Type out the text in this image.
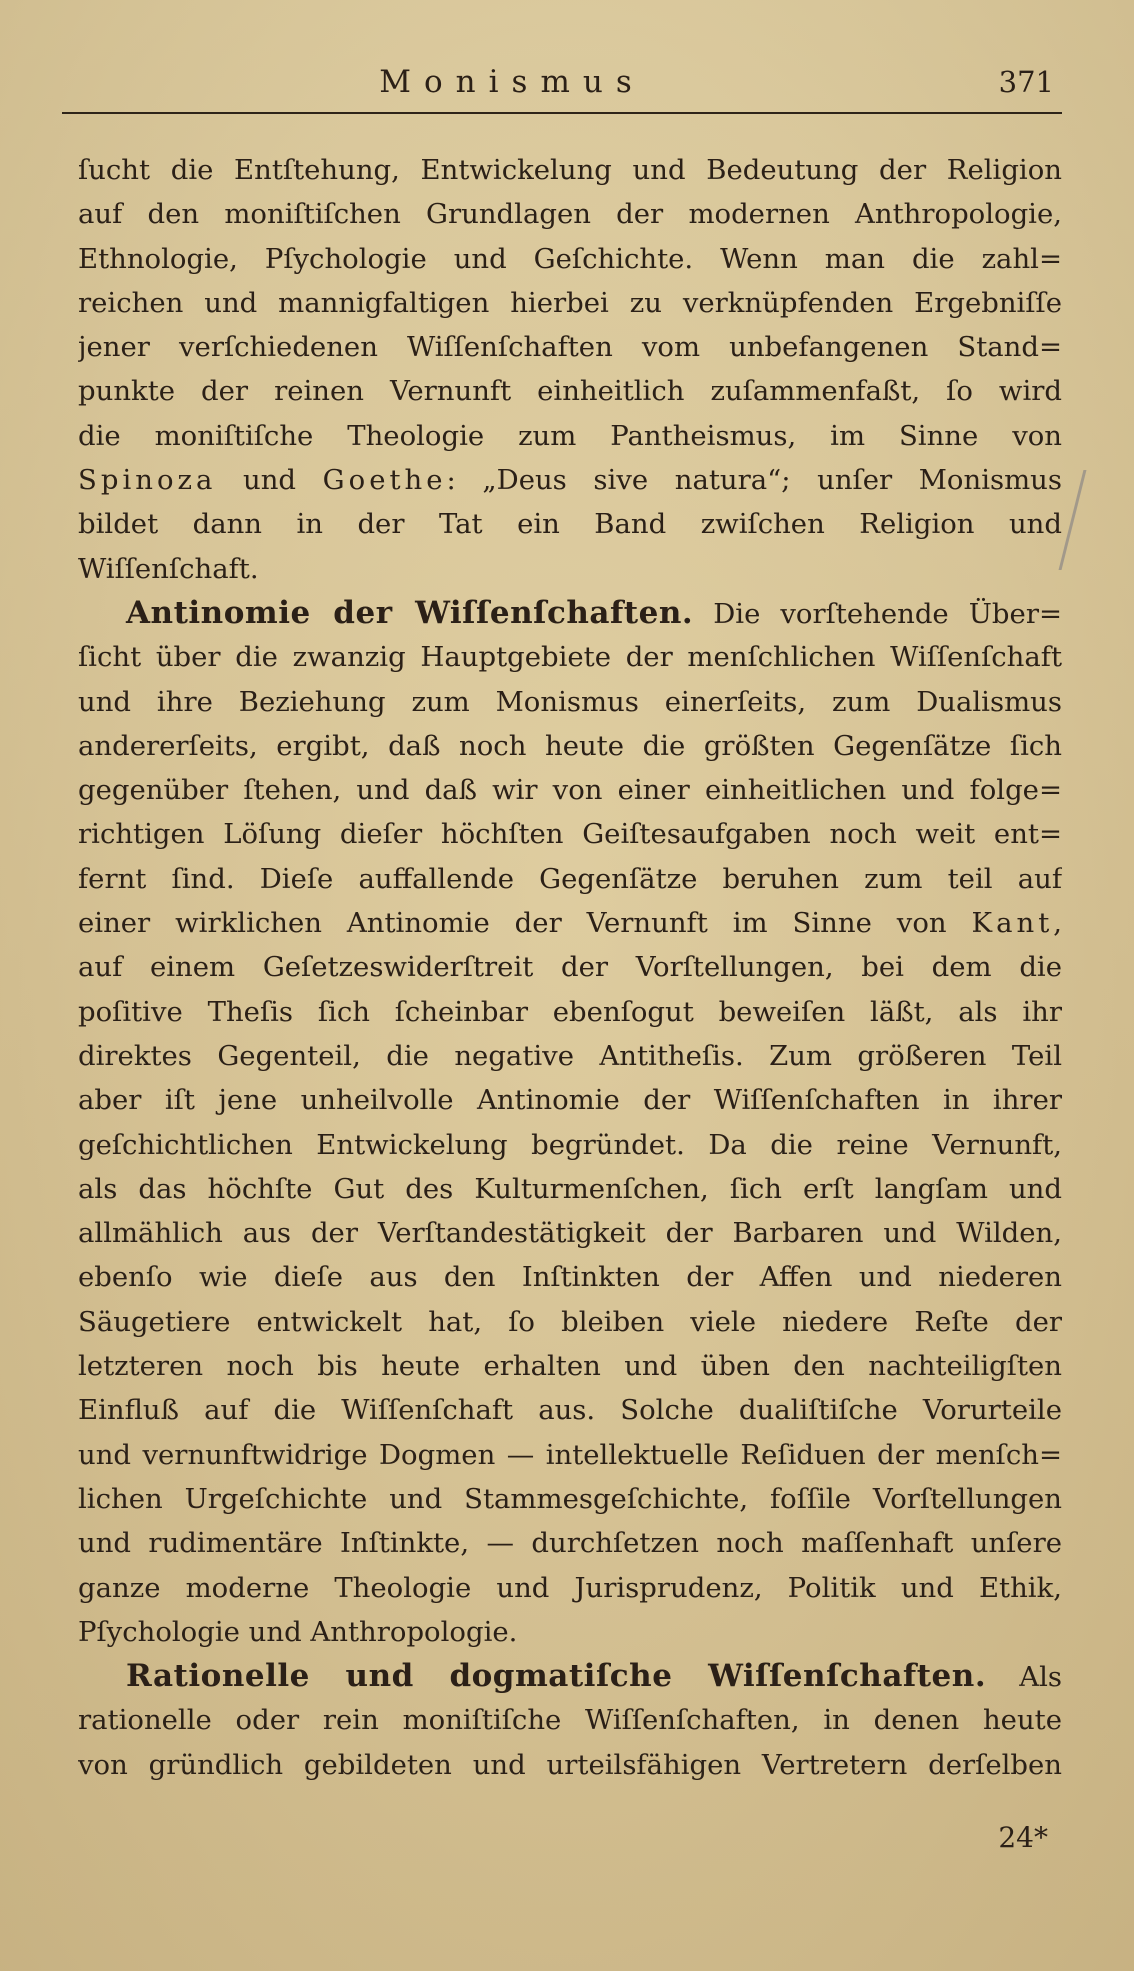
Monismus	371
ſucht die Entſtehung, Entwickelung und Bedeutung der Religion
auf den moniſtiſchen Grundlagen der modernen Anthropologie,
Ethnologie, Pſychologie und Geſchichte. Wenn man die zahl=
reichen und mannigfaltigen hierbei zu verknüpfenden Ergebniſſe
jener verſchiedenen Wiſſenſchaften vom unbefangenen Stand=
punkte der reinen Vernunft einheitlich zuſammenfaßt, ſo wird
die moniſtiſche Theologie zum Pantheismus, im Sinne von
Spinoza und Goethe: „Deus sive natura“; unſer Monismus
bildet dann in der Tat ein Band zwiſchen Religion und
Wiſſenſchaft.
Antinomie der Wiſſenſchaften. Die vorſtehende Über=
ſicht über die zwanzig Hauptgebiete der menſchlichen Wiſſenſchaft
und ihre Beziehung zum Monismus einerſeits, zum Dualismus
andererſeits, ergibt, daß noch heute die größten Gegenſätze ſich
gegenüber ſtehen, und daß wir von einer einheitlichen und folge=
richtigen Löſung dieſer höchſten Geiſtesaufgaben noch weit ent=
fernt ſind. Dieſe auffallende Gegenſätze beruhen zum teil auf
einer wirklichen Antinomie der Vernunft im Sinne von Kant,
auf einem Geſetzeswiderſtreit der Vorſtellungen, bei dem die
poſitive Theſis ſich ſcheinbar ebenſogut beweiſen läßt, als ihr
direktes Gegenteil, die negative Antitheſis. Zum größeren Teil
aber iſt jene unheilvolle Antinomie der Wiſſenſchaften in ihrer
geſchichtlichen Entwickelung begründet. Da die reine Vernunft,
als das höchſte Gut des Kulturmenſchen, ſich erſt langſam und
allmählich aus der Verſtandestätigkeit der Barbaren und Wilden,
ebenſo wie dieſe aus den Inſtinkten der Affen und niederen
Säugetiere entwickelt hat, ſo bleiben viele niedere Reſte der
letzteren noch bis heute erhalten und üben den nachteiligſten
Einfluß auf die Wiſſenſchaft aus. Solche dualiſtiſche Vorurteile
und vernunftwidrige Dogmen — intellektuelle Reſiduen der menſch=
lichen Urgeſchichte und Stammesgeſchichte, foſſile Vorſtellungen
und rudimentäre Inſtinkte, — durchſetzen noch maſſenhaft unſere
ganze moderne Theologie und Jurisprudenz, Politik und Ethik,
Pſychologie und Anthropologie.
Rationelle und dogmatiſche Wiſſenſchaften. Als
rationelle oder rein moniſtiſche Wiſſenſchaften, in denen heute
von gründlich gebildeten und urteilsfähigen Vertretern derſelben
24*
